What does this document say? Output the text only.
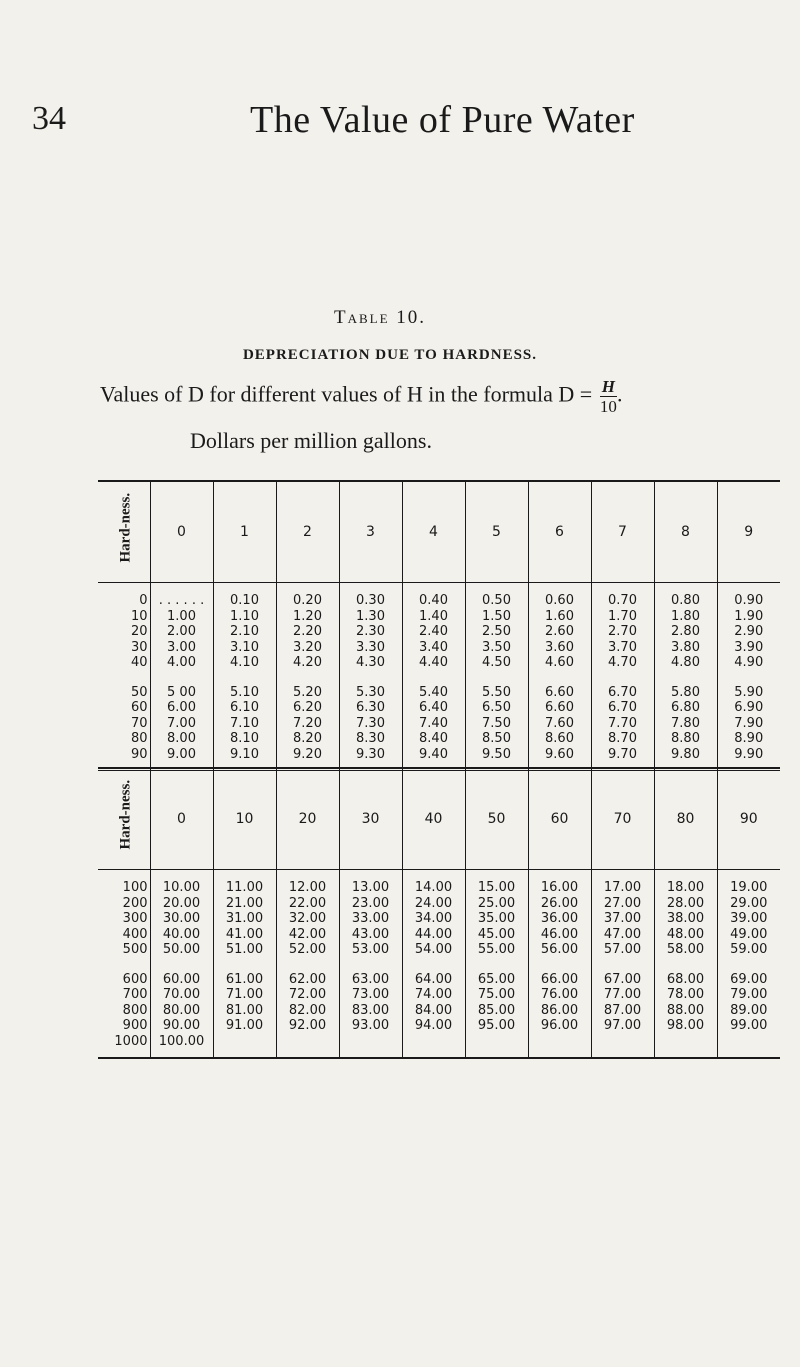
34	The Value of Pure Water
Table 10.
DEPRECIATION DUE TO HARDNESS.
Values of D for different values of H in the formula $D = \frac{H}{10}$ .
Dollars per million gallons.
Hard-ness.	0	1	2	3	4	5	6	7	8	9
0	. . . . . .	0.10	0.20	0.30	0.40	0.50	0.60	0.70	0.80	0.90
10	1.00	1.10	1.20	1.30	1.40	1.50	1.60	1.70	1.80	1.90
20	2.00	2.10	2.20	2.30	2.40	2.50	2.60	2.70	2.80	2.90
30	3.00	3.10	3.20	3.30	3.40	3.50	3.60	3.70	3.80	3.90
40	4.00	4.10	4.20	4.30	4.40	4.50	4.60	4.70	4.80	4.90

50	5 00	5.10	5.20	5.30	5.40	5.50	6.60	6.70	5.80	5.90
60	6.00	6.10	6.20	6.30	6.40	6.50	6.60	6.70	6.80	6.90
70	7.00	7.10	7.20	7.30	7.40	7.50	7.60	7.70	7.80	7.90
80	8.00	8.10	8.20	8.30	8.40	8.50	8.60	8.70	8.80	8.90
90	9.00	9.10	9.20	9.30	9.40	9.50	9.60	9.70	9.80	9.90
Hard-ness.	0	10	20	30	40	50	60	70	80	90
100	10.00	11.00	12.00	13.00	14.00	15.00	16.00	17.00	18.00	19.00
200	20.00	21.00	22.00	23.00	24.00	25.00	26.00	27.00	28.00	29.00
300	30.00	31.00	32.00	33.00	34.00	35.00	36.00	37.00	38.00	39.00
400	40.00	41.00	42.00	43.00	44.00	45.00	46.00	47.00	48.00	49.00
500	50.00	51.00	52.00	53.00	54.00	55.00	56.00	57.00	58.00	59.00

600	60.00	61.00	62.00	63.00	64.00	65.00	66.00	67.00	68.00	69.00
700	70.00	71.00	72.00	73.00	74.00	75.00	76.00	77.00	78.00	79.00
800	80.00	81.00	82.00	83.00	84.00	85.00	86.00	87.00	88.00	89.00
900	90.00	91.00	92.00	93.00	94.00	95.00	96.00	97.00	98.00	99.00
1000	100.00									
